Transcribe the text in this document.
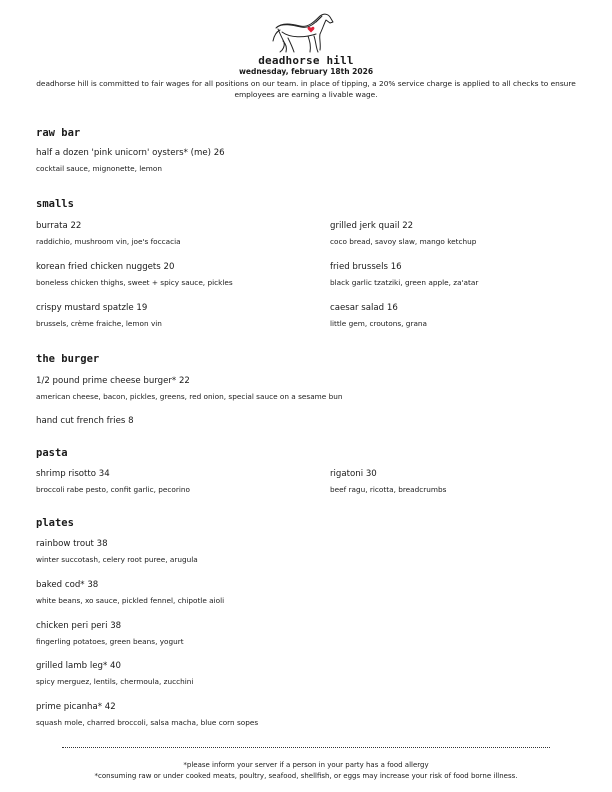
deadhorse hill
wednesday, february 18th 2026
deadhorse hill is committed to fair wages for all positions on our team. in place of tipping, a 20% service charge is applied to all checks to ensure employees are earning a livable wage.
raw bar
half a dozen 'pink unicorn' oysters* (me) 26
cocktail sauce, mignonette, lemon
smalls
burrata 22
raddichio, mushroom vin, joe's foccacia
korean fried chicken nuggets 20
boneless chicken thighs, sweet + spicy sauce, pickles
crispy mustard spatzle 19
brussels, crème fraiche, lemon vin
grilled jerk quail 22
coco bread, savoy slaw, mango ketchup
fried brussels 16
black garlic tzatziki, green apple, za'atar
caesar salad 16
little gem, croutons, grana
the burger
1/2 pound prime cheese burger* 22
american cheese, bacon, pickles, greens, red onion, special sauce on a sesame bun
hand cut french fries 8
pasta
shrimp risotto 34
broccoli rabe pesto, confit garlic, pecorino
rigatoni 30
beef ragu, ricotta, breadcrumbs
plates
rainbow trout 38
winter succotash, celery root puree, arugula
baked cod* 38
white beans, xo sauce, pickled fennel, chipotle aioli
chicken peri peri 38
fingerling potatoes, green beans, yogurt
grilled lamb leg* 40
spicy merguez, lentils, chermoula, zucchini
prime picanha* 42
squash mole, charred broccoli, salsa macha, blue corn sopes
*please inform your server if a person in your party has a food allergy
*consuming raw or under cooked meats, poultry, seafood, shellfish, or eggs may increase your risk of food borne illness.
